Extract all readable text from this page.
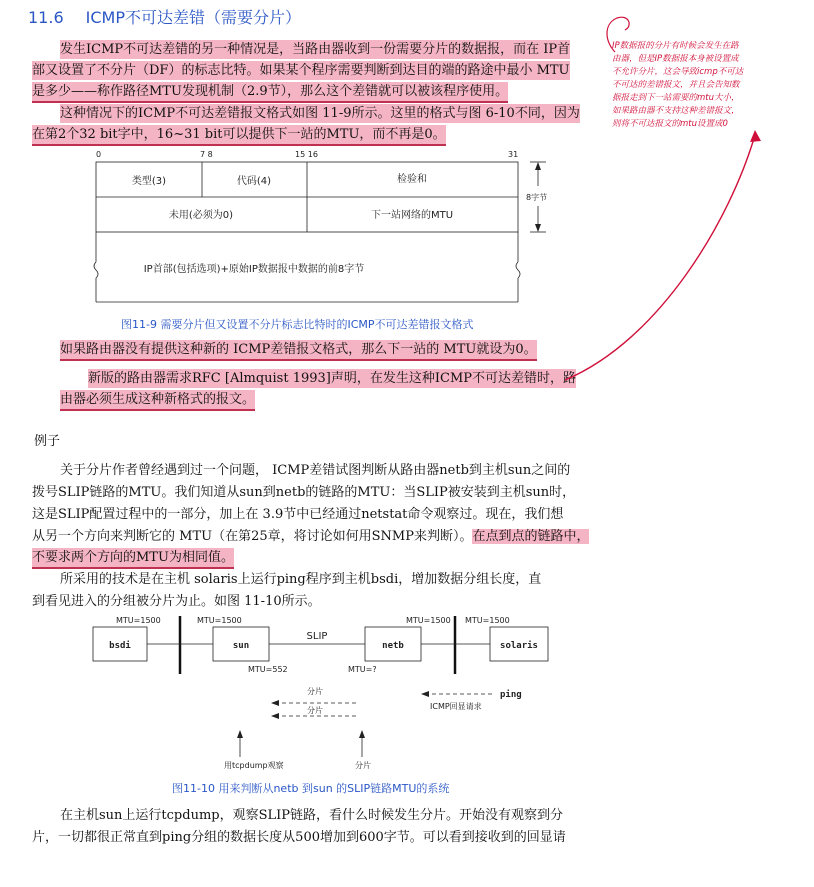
11.6 ICMP不可达差错（需要分片）
发生ICMP不可达差错的另一种情况是，当路由器收到一份需要分片的数据报，而在 IP首
部又设置了不分片（DF）的标志比特。如果某个程序需要判断到达目的端的路途中最小 MTU
是多少——称作路径MTU发现机制（2.9节），那么这个差错就可以被该程序使用。
这种情况下的ICMP不可达差错报文格式如图 11-9所示。这里的格式与图 6-10不同，因为
在第2个32 bit字中，16~31 bit可以提供下一站的MTU，而不再是0。
0	7 8	15 16	31
类型(3)	代码(4)	检验和
未用(必须为0)	下一站网络的MTU
IP首部(包括选项)+原始IP数据报中数据的前8字节
8字节
图11-9 需要分片但又设置不分片标志比特时的ICMP不可达差错报文格式
如果路由器没有提供这种新的 ICMP差错报文格式，那么下一站的 MTU就设为0。
新版的路由器需求RFC [Almquist 1993]声明，在发生这种ICMP不可达差错时，路
由器必须生成这种新格式的报文。
例子
关于分片作者曾经遇到过一个问题， ICMP差错试图判断从路由器netb到主机sun之间的
拨号SLIP链路的MTU。我们知道从sun到netb的链路的MTU：当SLIP被安装到主机sun时，
这是SLIP配置过程中的一部分，加上在 3.9节中已经通过netstat命令观察过。现在，我们想
从另一个方向来判断它的 MTU（在第25章，将讨论如何用SNMP来判断）。在点到点的链路中，
不要求两个方向的MTU为相同值。
所采用的技术是在主机 solaris上运行ping程序到主机bsdi，增加数据分组长度，直
到看见进入的分组被分片为止。如图 11-10所示。
bsdi	sun	netb	solaris
MTU=1500	MTU=1500	MTU=1500 MTU=1500
SLIP
MTU=552	MTU=?
分片
分片
ping
ICMP回显请求
用tcpdump观察	分片
图11-10 用来判断从netb 到sun 的SLIP链路MTU的系统
在主机sun上运行tcpdump，观察SLIP链路，看什么时候发生分片。开始没有观察到分
片，一切都很正常直到ping分组的数据长度从500增加到600字节。可以看到接收到的回显请
IP数据报的分片有时候会发生在路
由器，但是IP数据报本身被设置成
不允许分片，这会导致icmp不可达
不可达的差错报文，并且会告知数
据报走到下一站需要的mtu大小，
如果路由器不支持这种差错报文，
则将不可达报文的mtu设置成0
